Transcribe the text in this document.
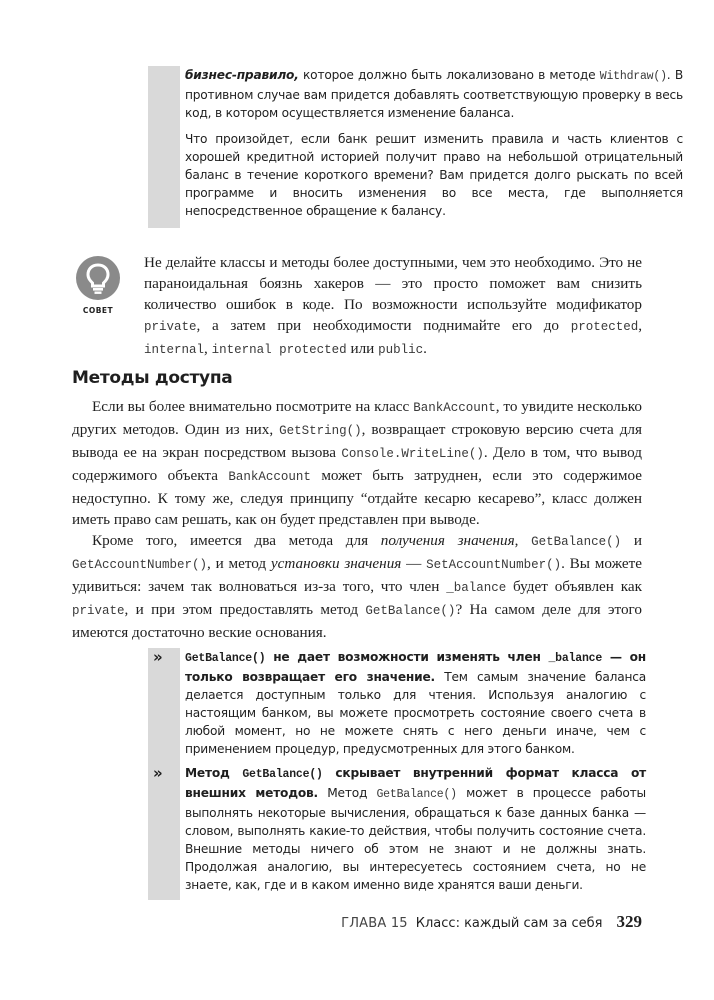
бизнес-правило, которое должно быть локализовано в методе Withdraw(). В противном случае вам придется добавлять соответствующую проверку в весь код, в котором осуществляется изменение баланса.

Что произойдет, если банк решит изменить правила и часть клиентов с хорошей кредитной историей получит право на небольшой отрицательный баланс в течение короткого времени? Вам придется долго рыскать по всей программе и вносить изменения во все места, где выполняется непосредственное обращение к балансу.

СОВЕТ
Не делайте классы и методы более доступными, чем это необходимо. Это не параноидальная боязнь хакеров — это просто поможет вам снизить количество ошибок в коде. По возможности используйте модификатор private, а затем при необходимости поднимайте его до protected, internal, internal protected или public.
Методы доступа

Если вы более внимательно посмотрите на класс BankAccount, то увидите несколько других методов. Один из них, GetString(), возвращает строковую версию счета для вывода ее на экран посредством вызова Console.WriteLine(). Дело в том, что вывод содержимого объекта BankAccount может быть затруднен, если это содержимое недоступно. К тому же, следуя принципу “отдайте кесарю кесарево”, класс должен иметь право сам решать, как он будет представлен при выводе.

Кроме того, имеется два метода для получения значения, GetBalance() и GetAccountNumber(), и метод установки значения — SetAccountNumber(). Вы можете удивиться: зачем так волноваться из-за того, что член _balance будет объявлен как private, и при этом предоставлять метод GetBalance()? На самом деле для этого имеются достаточно веские основания.

» GetBalance() не дает возможности изменять член _balance — он только возвращает его значение. Тем самым значение баланса делается доступным только для чтения. Используя аналогию с настоящим банком, вы можете просмотреть состояние своего счета в любой момент, но не можете снять с него деньги иначе, чем с применением процедур, предусмотренных для этого банком.
» Метод GetBalance() скрывает внутренний формат класса от внешних методов. Метод GetBalance() может в процессе работы выполнять некоторые вычисления, обращаться к базе данных банка — словом, выполнять какие-то действия, чтобы получить состояние счета. Внешние методы ничего об этом не знают и не должны знать. Продолжая аналогию, вы интересуетесь состоянием счета, но не знаете, как, где и в каком именно виде хранятся ваши деньги.
ГЛАВА 15 Класс: каждый сам за себя 329
